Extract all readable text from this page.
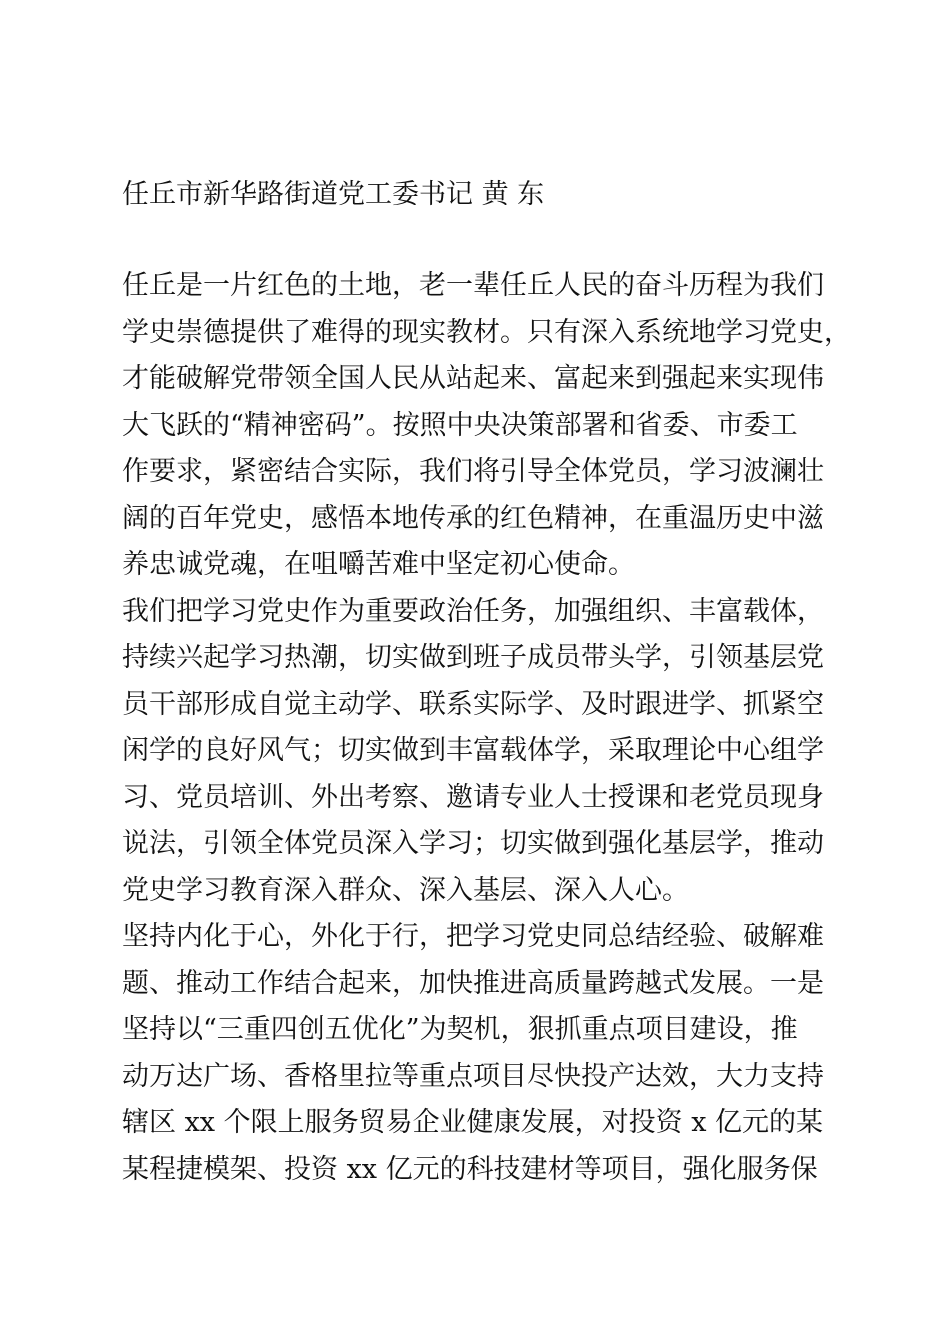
任丘市新华路街道党工委书记 黄 东
任丘是一片红色的土地，老一辈任丘人民的奋斗历程为我们
学史崇德提供了难得的现实教材。只有深入系统地学习党史，
才能破解党带领全国人民从站起来、富起来到强起来实现伟
大飞跃的“精神密码”。按照中央决策部署和省委、市委工
作要求，紧密结合实际，我们将引导全体党员，学习波澜壮
阔的百年党史，感悟本地传承的红色精神，在重温历史中滋
养忠诚党魂，在咀嚼苦难中坚定初心使命。
我们把学习党史作为重要政治任务，加强组织、丰富载体，
持续兴起学习热潮，切实做到班子成员带头学，引领基层党
员干部形成自觉主动学、联系实际学、及时跟进学、抓紧空
闲学的良好风气；切实做到丰富载体学，采取理论中心组学
习、党员培训、外出考察、邀请专业人士授课和老党员现身
说法，引领全体党员深入学习；切实做到强化基层学，推动
党史学习教育深入群众、深入基层、深入人心。
坚持内化于心，外化于行，把学习党史同总结经验、破解难
题、推动工作结合起来，加快推进高质量跨越式发展。一是
坚持以“三重四创五优化”为契机，狠抓重点项目建设，推
动万达广场、香格里拉等重点项目尽快投产达效，大力支持
辖区 xx 个限上服务贸易企业健康发展，对投资 x 亿元的某
某程捷模架、投资 xx 亿元的科技建材等项目，强化服务保
